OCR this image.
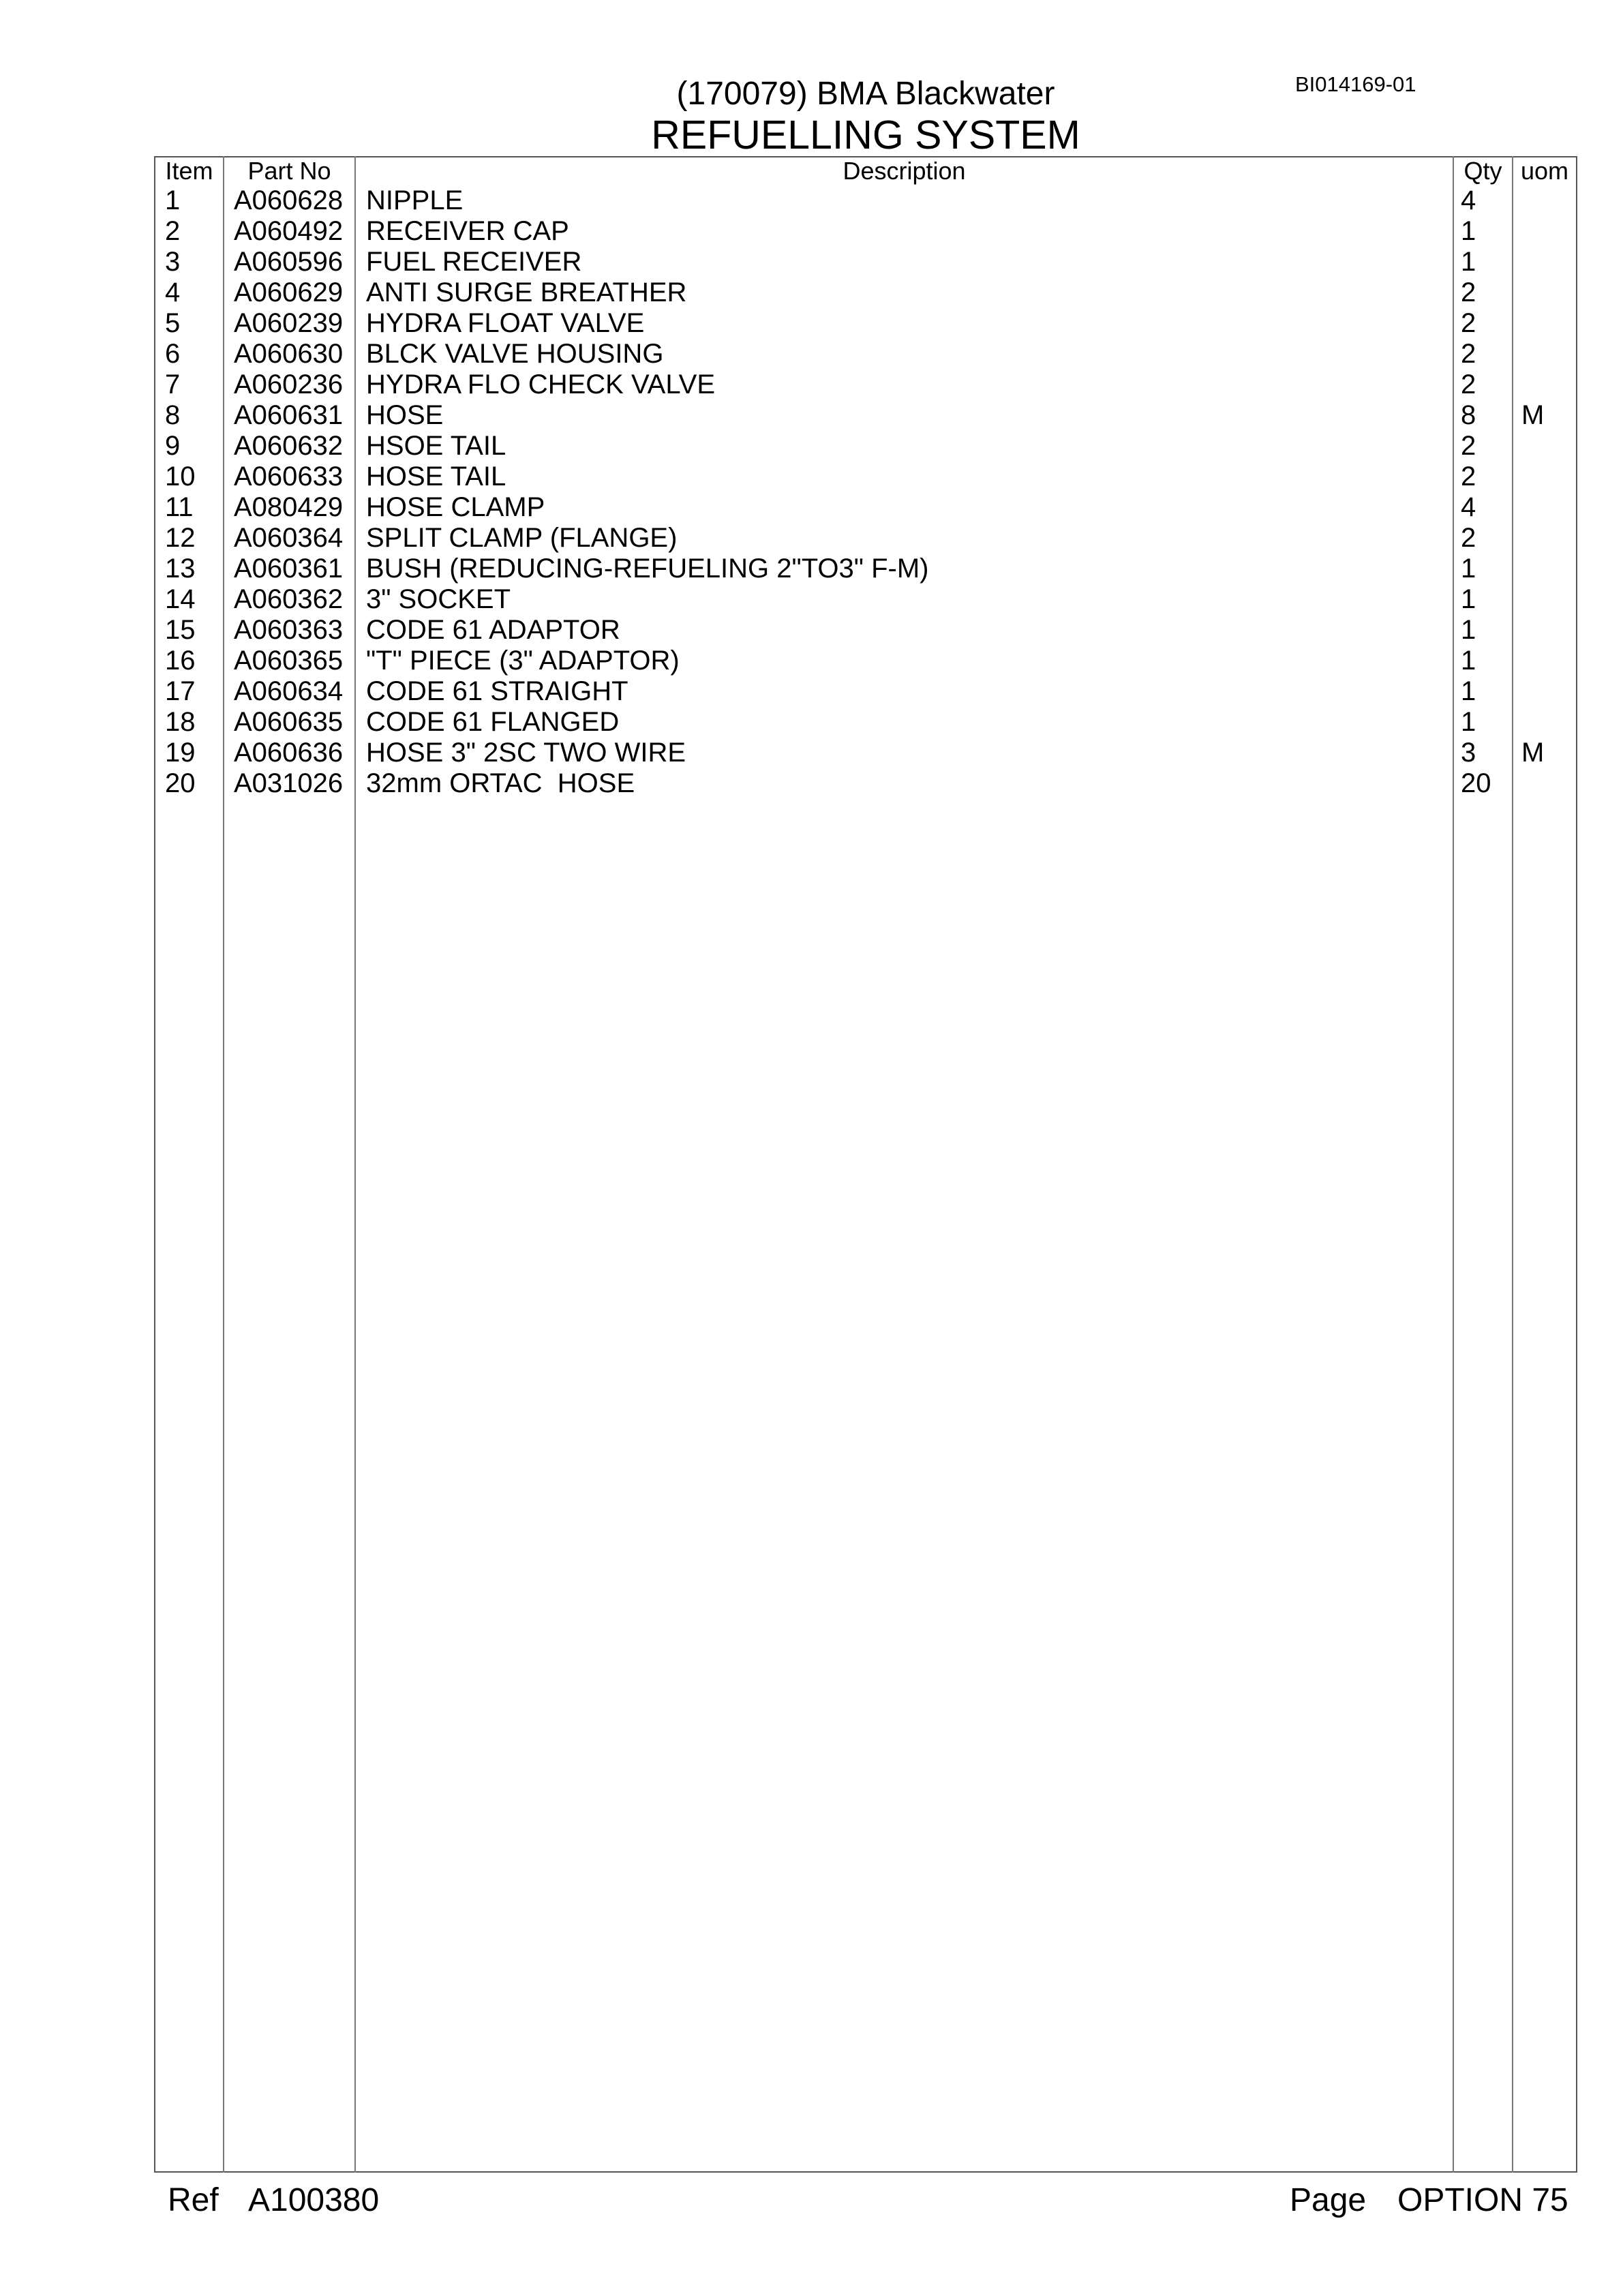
BI014169-01
(170079) BMA Blackwater
REFUELLING SYSTEM
Item	Part No	Description	Qty uom
1 A060628 NIPPLE	4
2 A060492 RECEIVER CAP	1
3 A060596 FUEL RECEIVER	1
4 A060629 ANTI SURGE BREATHER	2
5 A060239 HYDRA FLOAT VALVE	2
6 A060630 BLCK VALVE HOUSING	2
7 A060236 HYDRA FLO CHECK VALVE	2
8 A060631 HOSE	8 M
9 A060632 HSOE TAIL	2
10 A060633 HOSE TAIL	2
11 A080429 HOSE CLAMP	4
12 A060364 SPLIT CLAMP (FLANGE)	2
13 A060361 BUSH (REDUCING-REFUELING 2"TO3" F-M)	1
14 A060362 3" SOCKET	1
15 A060363 CODE 61 ADAPTOR	1
16 A060365 "T" PIECE (3" ADAPTOR)	1
17 A060634 CODE 61 STRAIGHT	1
18 A060635 CODE 61 FLANGED	1
19 A060636 HOSE 3" 2SC TWO WIRE	3 M
20 A031026 32mm ORTAC  HOSE	20
Ref A100380	Page OPTION 75
